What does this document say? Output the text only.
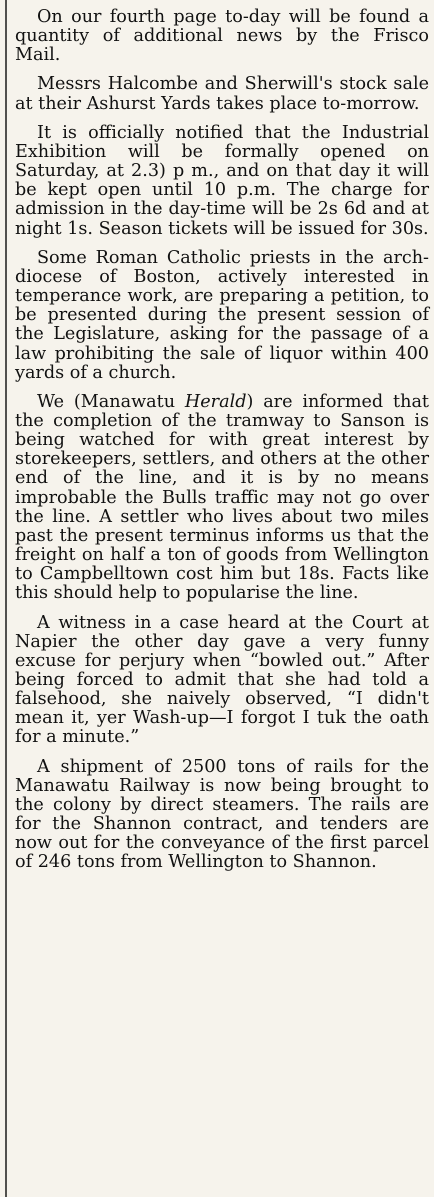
On our fourth page to-day will be found a quantity of additional news by the Frisco Mail.

Messrs Halcombe and Sherwill's stock sale at their Ashurst Yards takes place to-morrow.

It is officially notified that the Industrial Exhibition will be formally opened on Saturday, at 2.3) p m., and on that day it will be kept open until 10 p.m. The charge for admission in the day-time will be 2s 6d and at night 1s. Season tickets will be issued for 30s.

Some Roman Catholic priests in the arch-diocese of Boston, actively interested in temperance work, are preparing a petition, to be presented during the present session of the Legislature, asking for the passage of a law prohibiting the sale of liquor within 400 yards of a church.

We (Manawatu Herald) are informed that the completion of the tramway to Sanson is being watched for with great interest by storekeepers, settlers, and others at the other end of the line, and it is by no means improbable the Bulls traffic may not go over the line. A settler who lives about two miles past the present terminus informs us that the freight on half a ton of goods from Wellington to Campbelltown cost him but 18s. Facts like this should help to popularise the line.

A witness in a case heard at the Court at Napier the other day gave a very funny excuse for perjury when “bowled out.” After being forced to admit that she had told a falsehood, she naively observed, “I didn't mean it, yer Wash-up—I forgot I tuk the oath for a minute.”

A shipment of 2500 tons of rails for the Manawatu Railway is now being brought to the colony by direct steamers. The rails are for the Shannon contract, and tenders are now out for the conveyance of the first parcel of 246 tons from Wellington to Shannon.
